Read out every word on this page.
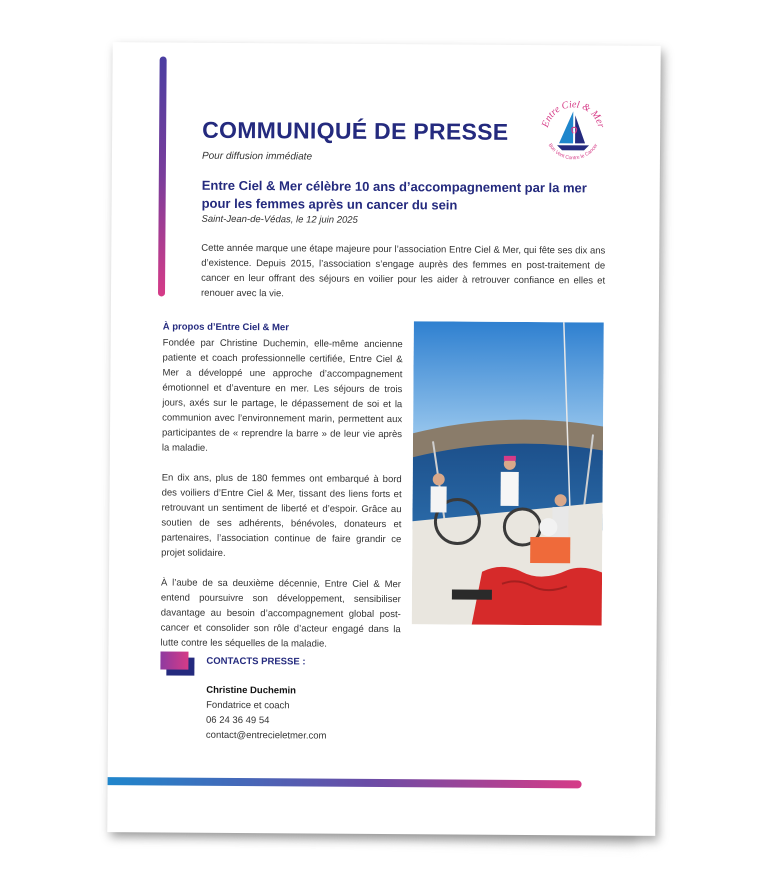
Entre Ciel & Mer
Bon Vent Contre le Cancer
COMMUNIQUÉ DE PRESSE
Pour diffusion immédiate
Entre Ciel & Mer célèbre 10 ans d’accompagnement par la mer pour les femmes après un cancer du sein
Saint-Jean-de-Védas, le 12 juin 2025
Cette année marque une étape majeure pour l’association Entre Ciel & Mer, qui fête ses dix ans d’existence. Depuis 2015, l’association s’engage auprès des femmes en post-traitement de cancer en leur offrant des séjours en voilier pour les aider à retrouver confiance en elles et renouer avec la vie.
À propos d’Entre Ciel & Mer

Fondée par Christine Duchemin, elle-même ancienne patiente et coach professionnelle certifiée, Entre Ciel & Mer a développé une approche d’accompagnement émotionnel et d’aventure en mer. Les séjours de trois jours, axés sur le partage, le dépassement de soi et la communion avec l’environnement marin, permettent aux participantes de « reprendre la barre » de leur vie après la maladie.

En dix ans, plus de 180 femmes ont embarqué à bord des voiliers d’Entre Ciel & Mer, tissant des liens forts et retrouvant un sentiment de liberté et d’espoir. Grâce au soutien de ses adhérents, bénévoles, donateurs et partenaires, l’association continue de faire grandir ce projet solidaire.

À l’aube de sa deuxième décennie, Entre Ciel & Mer entend poursuivre son développement, sensibiliser davantage au besoin d’accompagnement global post-cancer et consolider son rôle d’acteur engagé dans la lutte contre les séquelles de la maladie.

CONTACTS PRESSE :
Christine Duchemin
Fondatrice et coach
06 24 36 49 54
contact@entrecieletmer.com
